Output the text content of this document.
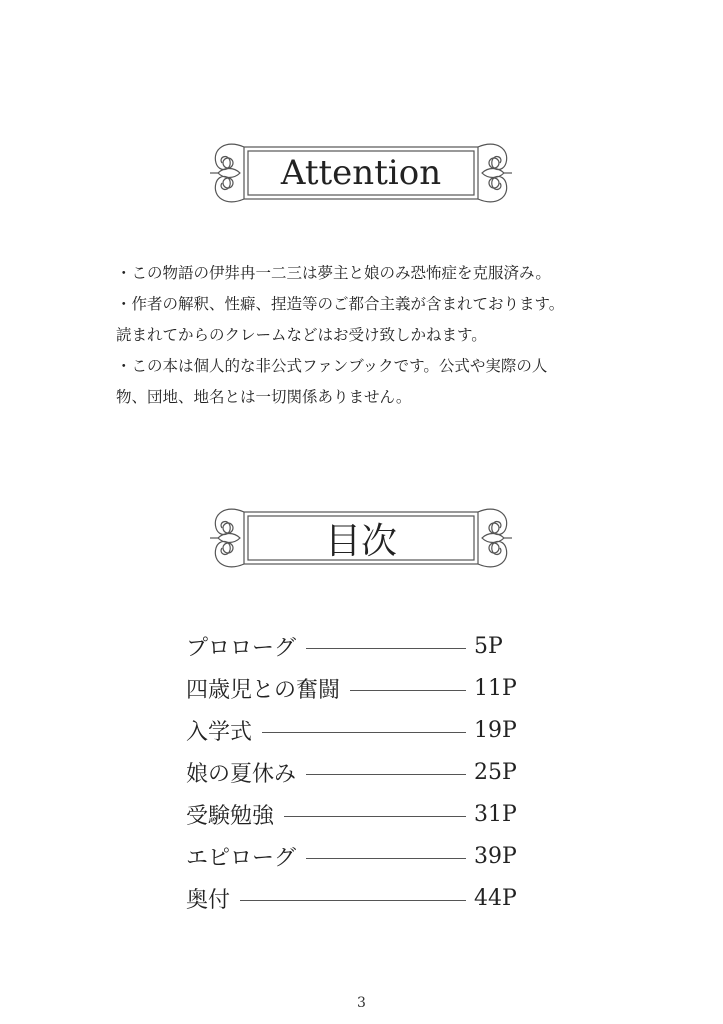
Attention
・この物語の伊弉冉一二三は夢主と娘のみ恐怖症を克服済み。
・作者の解釈、性癖、捏造等のご都合主義が含まれております。
読まれてからのクレームなどはお受け致しかねます。
・この本は個人的な非公式ファンブックです。公式や実際の人
物、団地、地名とは一切関係ありません。
目次
プロローグ	5P
四歳児との奮闘	11P
入学式	19P
娘の夏休み	25P
受験勉強	31P
エピローグ	39P
奥付	44P
3
